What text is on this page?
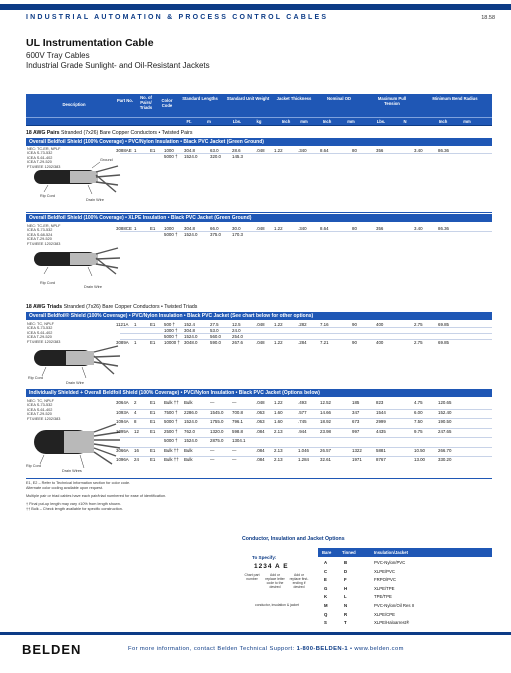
INDUSTRIAL AUTOMATION & PROCESS CONTROL CABLES	18.58
UL Instrumentation Cable
600V Tray Cables
Industrial Grade Sunlight- and Oil-Resistant Jackets
Description
Part No.
No. of Pairs/ Triads
Color Code
Standard Lengths	Standard Unit Weight	Jacket Thickness	Nominal OD	Maximum Pull Tension
Minimum Bend Radius
Ft.	m	Lbs.	kg	Inch	mm	Inch	mm	Lbs.	N	Inch	mm
18 AWG Pairs Stranded (7x26) Bare Copper Conductors • Twisted Pairs
Overall Beldfoil Shield (100% Coverage) • PVC/Nylon Insulation • Black PVC Jacket (Green Ground)
NEC: TC-ER, NPLF
ICEA S-73-532
ICEA S-61-402
ICEA T-29-520
FT4/IEEE 1202/383
Ground
Rip Cord
Drain Wire
3088AE 1	E1 1000 304.8	63.0	28.6	.048 1.22	.340	8.64	80	356	3.40	86.36
5000 † 1524.0	320.0	145.3
Overall Beldfoil Shield (100% Coverage) • XLPE Insulation • Black PVC Jacket (Green Ground)
NEC: TC-ER, NPLF
ICEA S-73-532
ICEA S-68-524
ICEA T-29-520
FT4/IEEE 1202/383
Rip Cord
Drain Wire
3088CE 1	E1 1000 304.8	66.0	30.0	.048 1.22	.340	8.64	80	356	3.40	86.36
5000 † 1524.0	375.0	170.3
18 AWG Triads Stranded (7x26) Bare Copper Conductors • Twisted Triads
Overall Beldfoil® Shield (100% Coverage) • PVC/Nylon Insulation • Black PVC Jacket (See chart below for other options)
NEC: TC, NPLF
ICEA S-73-532
ICEA S-61-402
ICEA T-29-520
FT4/IEEE 1202/383
Rip Cord
Drain Wire
1121A 1	E1 500 † 152.4	27.5	12.5	.048 1.22	.282	7.16	90	400	2.75	69.85
1000 † 304.8	53.0	24.0
5000 † 1524.0	560.0	254.0
3089A 1	E1 10000 † 3048.0	590.0	267.6	.048 1.22	.284	7.21	90	400	2.75	69.85
Individually Shielded + Overall Beldfoil Shield (100% Coverage) • PVC/Nylon Insulation • Black PVC Jacket (Options below)
NEC: TC, NPLF
ICEA S-73-532
ICEA S-61-402
ICEA T-29-520
FT4/IEEE 1202/383
Rip Cord
Drain Wires
3064A 2	E1 Bulk †† Bulk	—	—	.048 1.22	.493	12.52	185	823	4.75	120.65
1093A 4	E1 7500 † 2286.0	1545.0 700.8	.063 1.60	.577	14.66	347	1544	6.00	152.40
1094A 8	E1 5000 † 1524.0	1755.0 796.1	.063 1.60	.745	18.92	673	2999	7.50	190.50
1095A 12	E1 2500 † 762.0	1320.0 598.8	.084 2.13	.944	23.98	997	4435	9.75	247.65
5000 † 1524.0	2875.0 1304.1
3066A 16	E1 Bulk †† Bulk	—	—	.084 2.13	1.046	26.57	1322	5881	10.50	266.70
1096A 24	E1 Bulk †† Bulk	—	—	.084 2.13	1.284	32.61	1971	8767	13.00	330.20
E1, E2 – Refer to Technical Information section for color code.
Alternate color coding available upon request.
Multiple pair or triad cables have each pair/triad numbered for ease of identification.
† Final put-up length may vary ±10% from length shown.
†† Bulk – Check length available for specific construction.
Conductor, Insulation and Jacket Options
To Specify:
1234 A E
Chart part number
Add or replace letter code to the desired
Add or replace first-ending if desired
conductor, insulation & jacket
Bare	Tinned	Insulation/Jacket
A	B	PVC-Nylon/PVC
C	D	XLPE/PVC
E	F	FRPO/PVC
G	H	XLPE/TPE
K	L	TPE/TPE
M	N	PVC-Nylon/Oil Res II
Q	R	XLPE/CPE
S	T	XLPE/Haloarrest®
BELDEN	For more information, contact Belden Technical Support: 1-800-BELDEN-1 • www.belden.com
